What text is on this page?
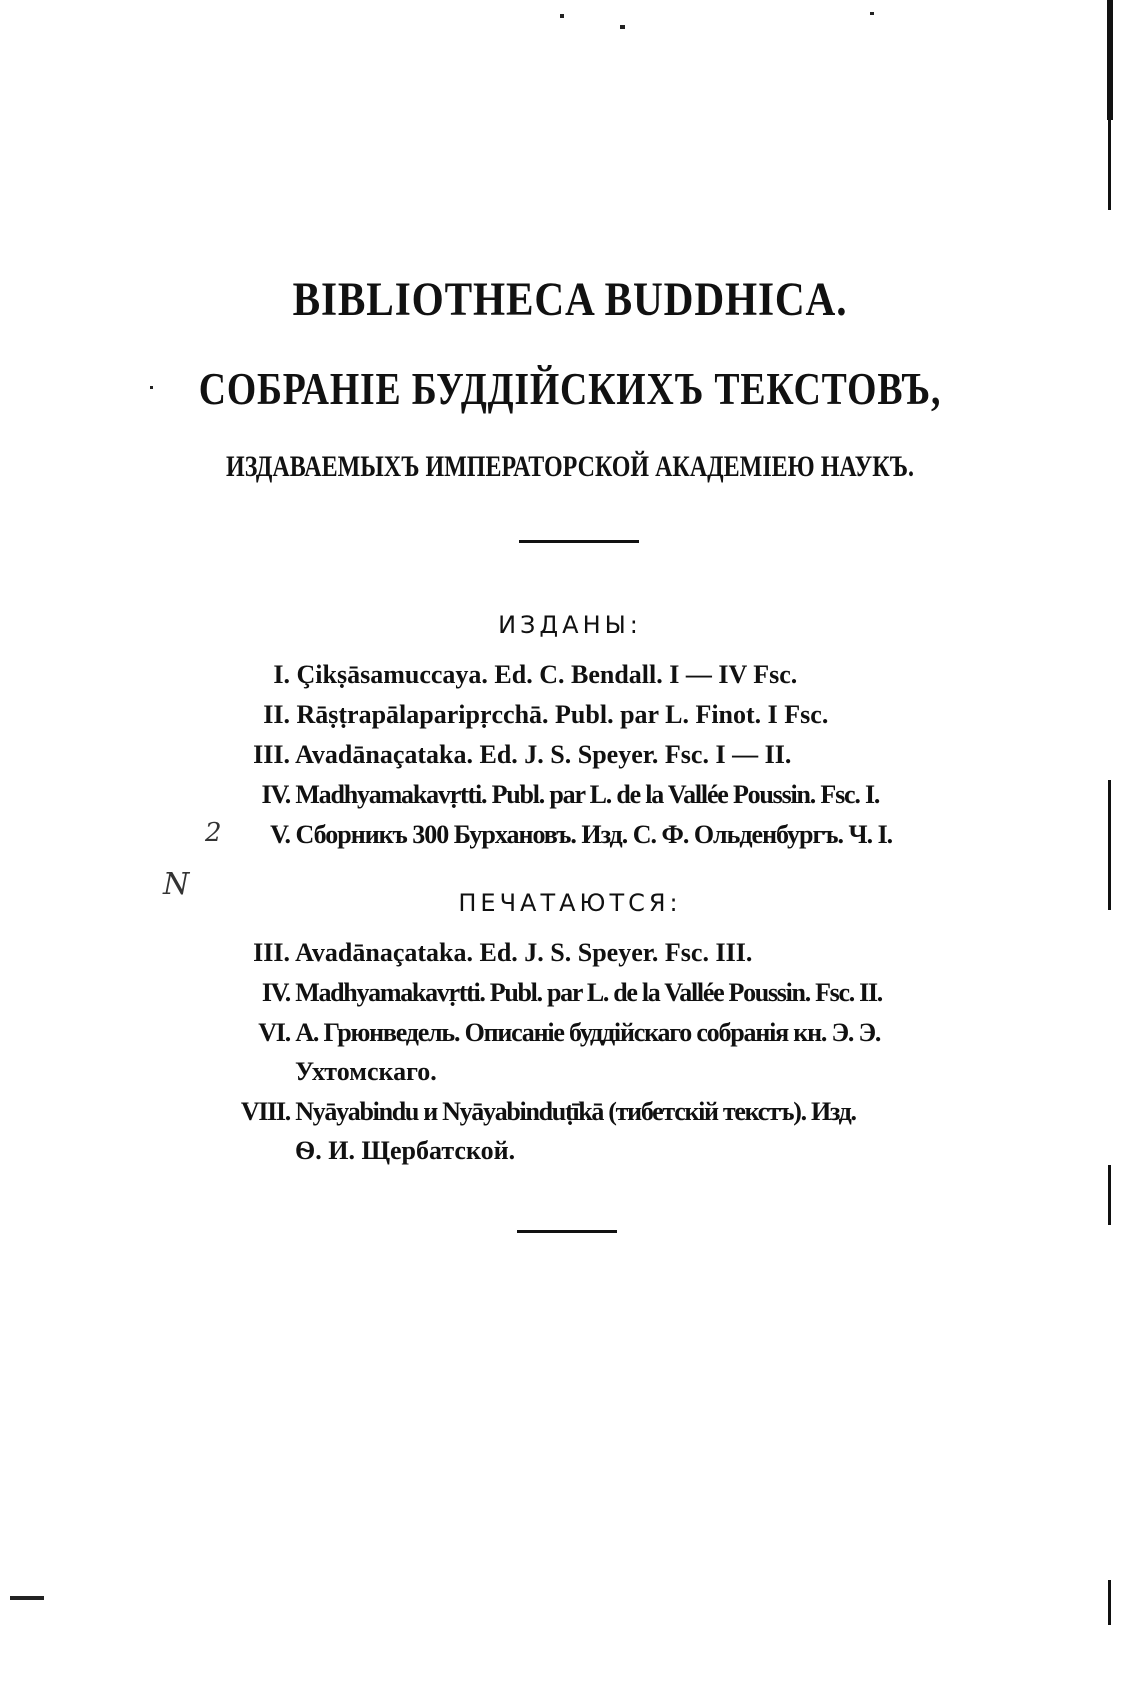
BIBLIOTHECA BUDDHICA.
СОБРАНІЕ БУДДІЙСКИХЪ ТЕКСТОВЪ,
ИЗДАВАЕМЫХЪ ИМПЕРАТОРСКОЙ АКАДЕМІЕЮ НАУКЪ.
ИЗДАНЫ:
I. Çikṣāsamuccaya. Ed. C. Bendall. I — IV Fsc.
II. Rāṣṭrapālaparipṛcchā. Publ. par L. Finot. I Fsc.
III. Avadānaçataka. Ed. J. S. Speyer. Fsc. I — II.
IV. Madhyamakavṛtti. Publ. par L. de la Vallée Poussin. Fsc. I.
V. Сборникъ 300 Бурхановъ. Изд. С. Ф. Ольденбургъ. Ч. I.
2
N
ПЕЧАТАЮТСЯ:
III. Avadānaçataka. Ed. J. S. Speyer. Fsc. III.
IV. Madhyamakavṛtti. Publ. par L. de la Vallée Poussin. Fsc. II.
VI. А. Грюнведель. Описаніе буддійскаго собранія кн. Э. Э.
Ухтомскаго.
VIII. Nyāyabindu и Nyāyabinduṭīkā (тибетскій текстъ). Изд.
Ѳ. И. Щербатской.
